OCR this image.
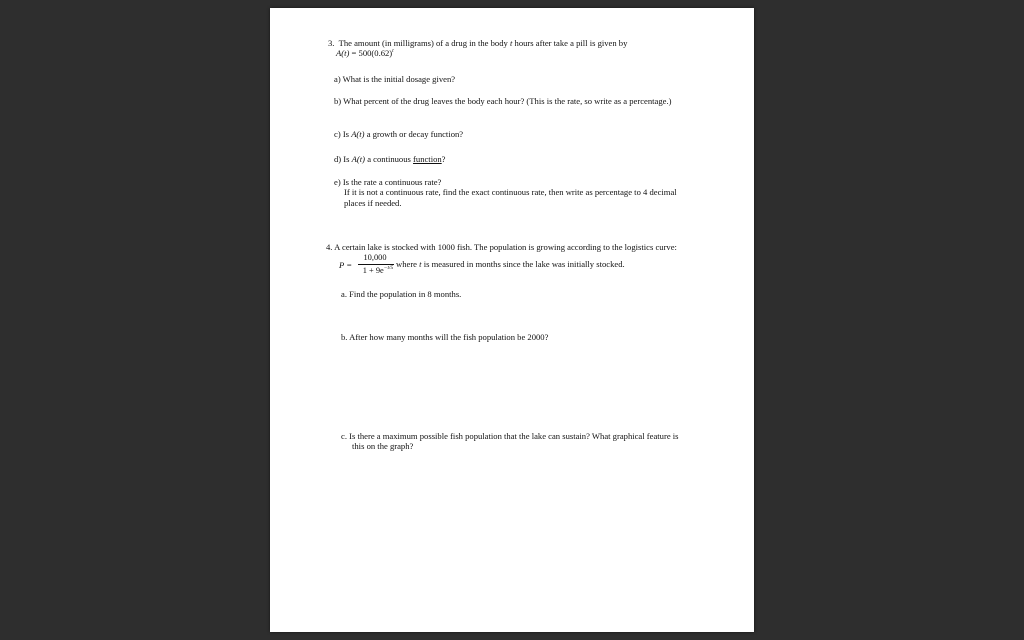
3. The amount (in milligrams) of a drug in the body t hours after take a pill is given by
$A(t) = 500(0.62)^t$
a) What is the initial dosage given?
b) What percent of the drug leaves the body each hour? (This is the rate, so write as a percentage.)
c) Is A(t) a growth or decay function?
d) Is A(t) a continuous function?
e) Is the rate a continuous rate?
If it is not a continuous rate, find the exact continuous rate, then write as percentage to 4 decimal
places if needed.
4. A certain lake is stocked with 1000 fish. The population is growing according to the logistics curve:
P =
10,000
$1 + 9e^{-t/5}$ where t is measured in months since the lake was initially stocked.
a. Find the population in 8 months.
b. After how many months will the fish population be 2000?
c. Is there a maximum possible fish population that the lake can sustain? What graphical feature is
this on the graph?
